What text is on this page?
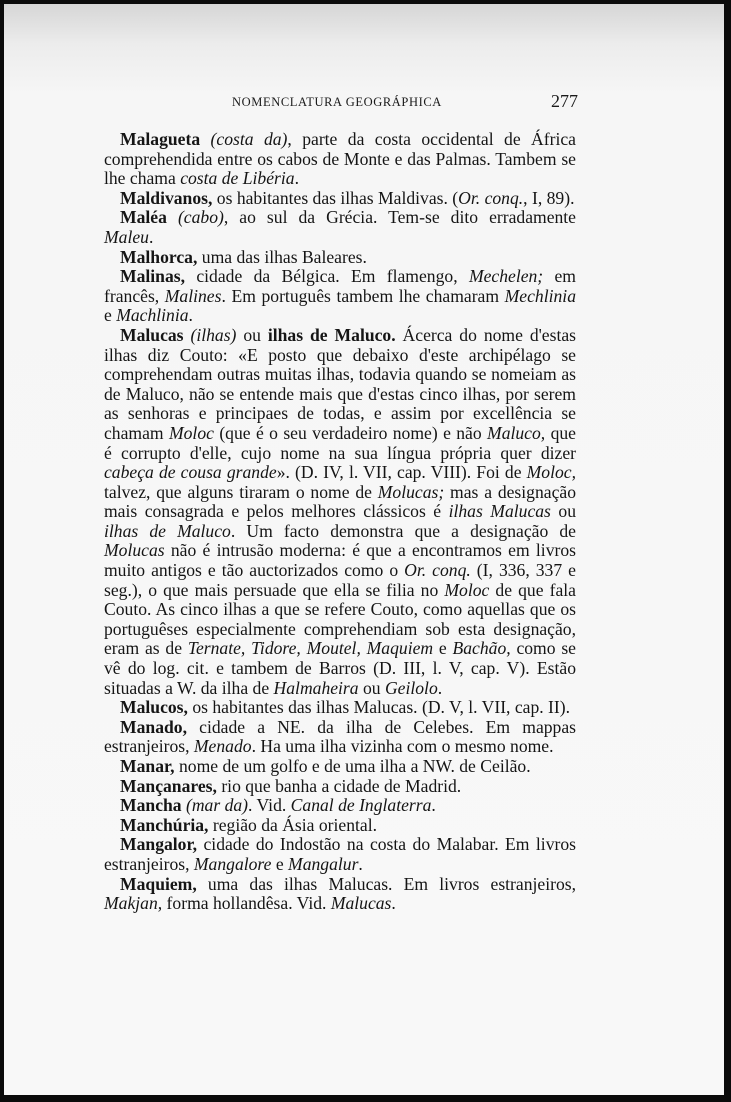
NOMENCLATURA GEOGRÁPHICA	277

Malagueta (costa da), parte da costa occidental de África comprehendida entre os cabos de Monte e das Palmas. Tambem se lhe chama costa de Libéria.

Maldivanos, os habitantes das ilhas Maldivas. (Or. conq., I, 89).

Maléa (cabo), ao sul da Grécia. Tem-se dito erradamente Maleu.

Malhorca, uma das ilhas Baleares.

Malinas, cidade da Bélgica. Em flamengo, Mechelen; em francês, Malines. Em português tambem lhe chamaram Mechlinia e Machlinia.

Malucas (ilhas) ou ilhas de Maluco. Ácerca do nome d'estas ilhas diz Couto: «E posto que debaixo d'este archipélago se comprehendam outras muitas ilhas, todavia quando se nomeiam as de Maluco, não se entende mais que d'estas cinco ilhas, por serem as senhoras e principaes de todas, e assim por excellência se chamam Moloc (que é o seu verdadeiro nome) e não Maluco, que é corrupto d'elle, cujo nome na sua língua própria quer dizer cabeça de cousa grande». (D. IV, l. VII, cap. VIII). Foi de Moloc, talvez, que alguns tiraram o nome de Molucas; mas a designação mais consagrada e pelos melhores clássicos é ilhas Malucas ou ilhas de Maluco. Um facto demonstra que a designação de Molucas não é intrusão moderna: é que a encontramos em livros muito antigos e tão auctorizados como o Or. conq. (I, 336, 337 e seg.), o que mais persuade que ella se filia no Moloc de que fala Couto. As cinco ilhas a que se refere Couto, como aquellas que os portuguêses especialmente comprehendiam sob esta designação, eram as de Ternate, Tidore, Moutel, Maquiem e Bachão, como se vê do log. cit. e tambem de Barros (D. III, l. V, cap. V). Estão situadas a W. da ilha de Halmaheira ou Geilolo.

Malucos, os habitantes das ilhas Malucas. (D. V, l. VII, cap. II).

Manado, cidade a NE. da ilha de Celebes. Em mappas estranjeiros, Menado. Ha uma ilha vizinha com o mesmo nome.

Manar, nome de um golfo e de uma ilha a NW. de Ceilão.

Mançanares, rio que banha a cidade de Madrid.

Mancha (mar da). Vid. Canal de Inglaterra.

Manchúria, região da Ásia oriental.

Mangalor, cidade do Indostão na costa do Malabar. Em livros estranjeiros, Mangalore e Mangalur.

Maquiem, uma das ilhas Malucas. Em livros estranjeiros, Makjan, forma hollandêsa. Vid. Malucas.
